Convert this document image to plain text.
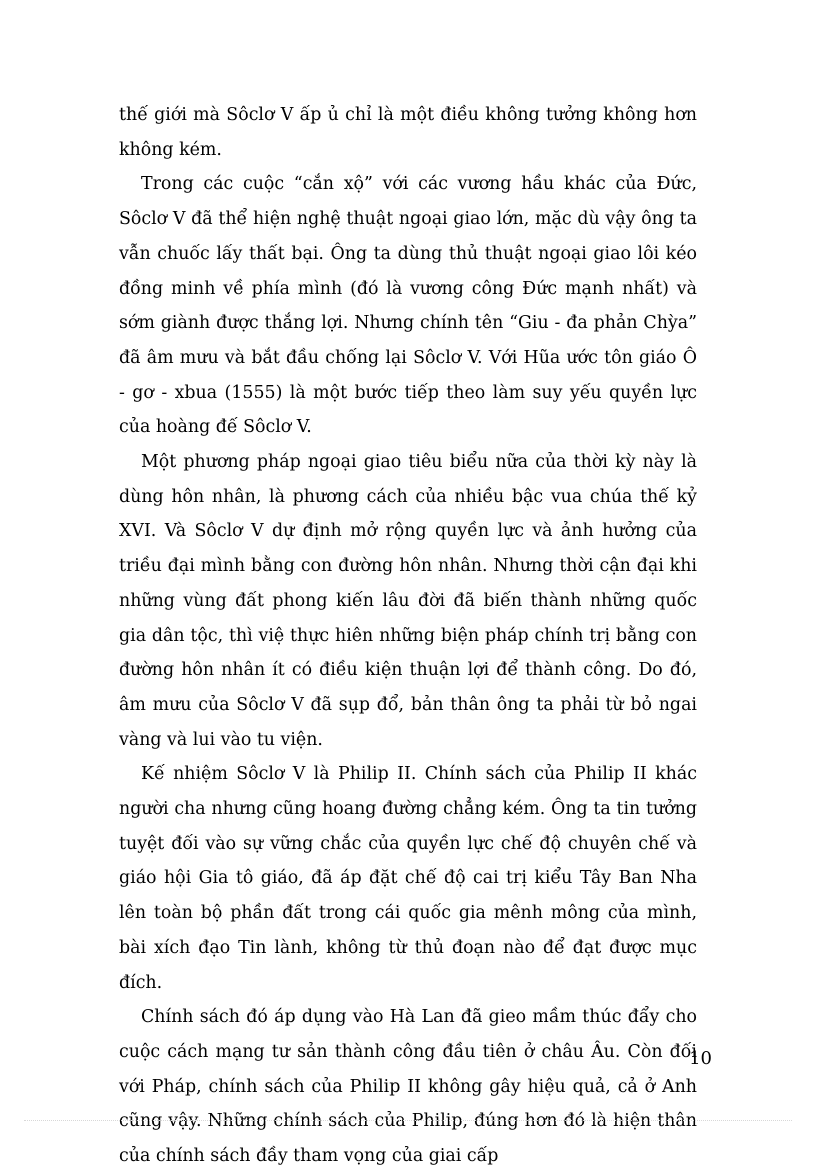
thế giới mà Sôclơ V ấp ủ chỉ là một điều không tưởng không hơn không kém.

Trong các cuộc “cắn xộ” với các vương hầu khác của Đức, Sôclơ V đã thể hiện nghệ thuật ngoại giao lớn, mặc dù vậy ông ta vẫn chuốc lấy thất bại. Ông ta dùng thủ thuật ngoại giao lôi kéo đồng minh về phía mình (đó là vương công Đức mạnh nhất) và sớm giành được thắng lợi. Nhưng chính tên “Giu - đa phản Chỳa” đã âm mưu và bắt đầu chống lại Sôclơ V. Với Hũa ước tôn giáo Ô - gơ - xbua (1555) là một bước tiếp theo làm suy yếu quyền lực của hoàng đế Sôclơ V.

Một phương pháp ngoại giao tiêu biểu nữa của thời kỳ này là dùng hôn nhân, là phương cách của nhiều bậc vua chúa thế kỷ XVI. Và Sôclơ V dự định mở rộng quyền lực và ảnh hưởng của triều đại mình bằng con đường hôn nhân. Nhưng thời cận đại khi những vùng đất phong kiến lâu đời đã biến thành những quốc gia dân tộc, thì việ thực hiên những biện pháp chính trị bằng con đường hôn nhân ít có điều kiện thuận lợi để thành công. Do đó, âm mưu của Sôclơ V đã sụp đổ, bản thân ông ta phải từ bỏ ngai vàng và lui vào tu viện.

Kế nhiệm Sôclơ V là Philip II. Chính sách của Philip II khác người cha nhưng cũng hoang đường chẳng kém. Ông ta tin tưởng tuyệt đối vào sự vững chắc của quyền lực chế độ chuyên chế và giáo hội Gia tô giáo, đã áp đặt chế độ cai trị kiểu Tây Ban Nha lên toàn bộ phần đất trong cái quốc gia mênh mông của mình, bài xích đạo Tin lành, không từ thủ đoạn nào để đạt được mục đích.

Chính sách đó áp dụng vào Hà Lan đã gieo mầm thúc đẩy cho cuộc cách mạng tư sản thành công đầu tiên ở châu Âu. Còn đối với Pháp, chính sách của Philip II không gây hiệu quả, cả ở Anh cũng vậy. Những chính sách của Philip, đúng hơn đó là hiện thân của chính sách đầy tham vọng của giai cấp

10
